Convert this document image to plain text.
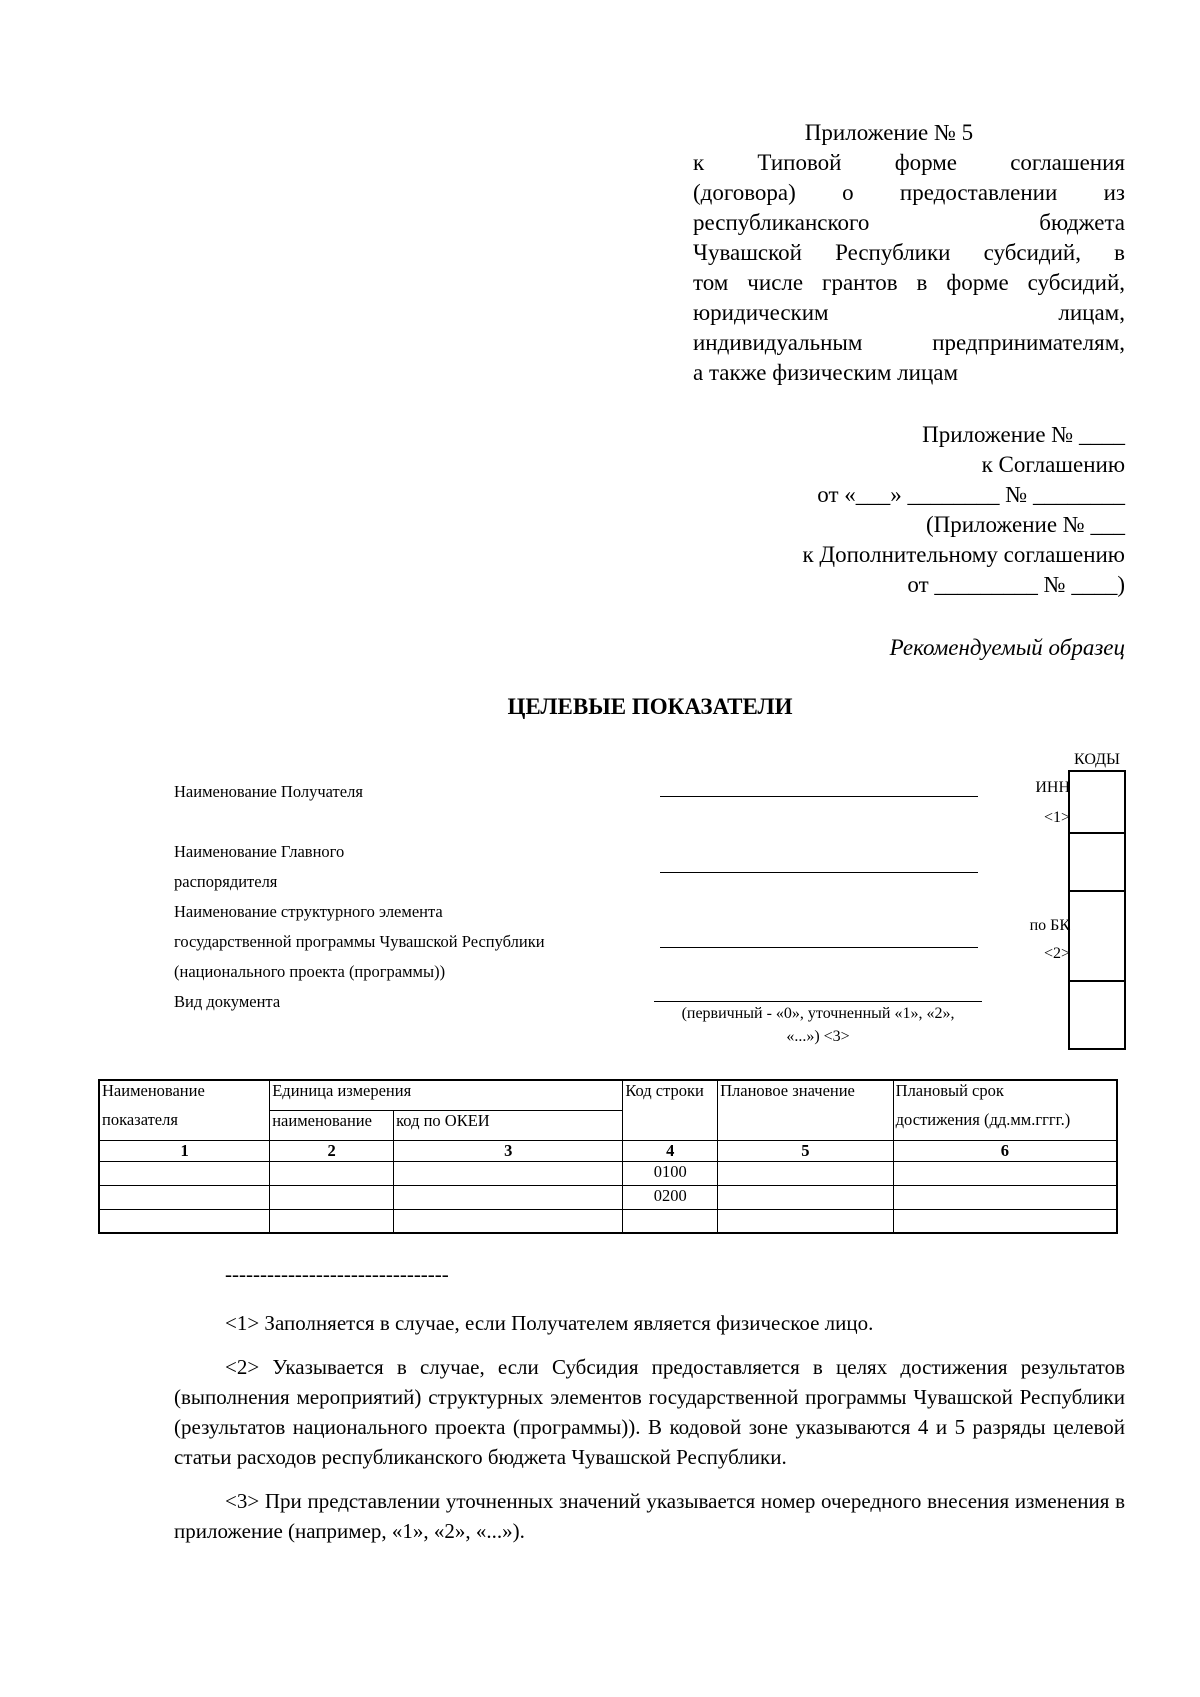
Приложение № 5
к Типовой форме соглашения
(договора) о предоставлении из
республиканского бюджета
Чувашской Республики субсидий, в
том числе грантов в форме субсидий,
юридическим лицам,
индивидуальным предпринимателям,
а также физическим лицам
Приложение № ____
к Соглашению
от «___» ________ № ________
(Приложение № ___
к Дополнительному соглашению
от _________ № ____)
Рекомендуемый образец
ЦЕЛЕВЫЕ ПОКАЗАТЕЛИ
Наименование Получателя
Наименование Главного
распорядителя
Наименование структурного элемента
государственной программы Чувашской Республики
(национального проекта (программы))
Вид документа
(первичный - «0», уточненный «1», «2»,
«...») <3>
ИНН
<1>
по БК
<2>
КОДЫ
Наименование	Единица измерения		Код строки	Плановое значение	Плановый срок
показателя	наименование	код по ОКЕИ			достижения (дд.мм.гггг.)
1	2	3	4	5	6
			0100		
			0200		

--------------------------------

<1> Заполняется в случае, если Получателем является физическое лицо.

<2> Указывается в случае, если Субсидия предоставляется в целях достижения результатов (выполнения мероприятий) структурных элементов государственной программы Чувашской Республики (результатов национального проекта (программы)). В кодовой зоне указываются 4 и 5 разряды целевой статьи расходов республиканского бюджета Чувашской Республики.

<3> При представлении уточненных значений указывается номер очередного внесения изменения в приложение (например, «1», «2», «...»).
